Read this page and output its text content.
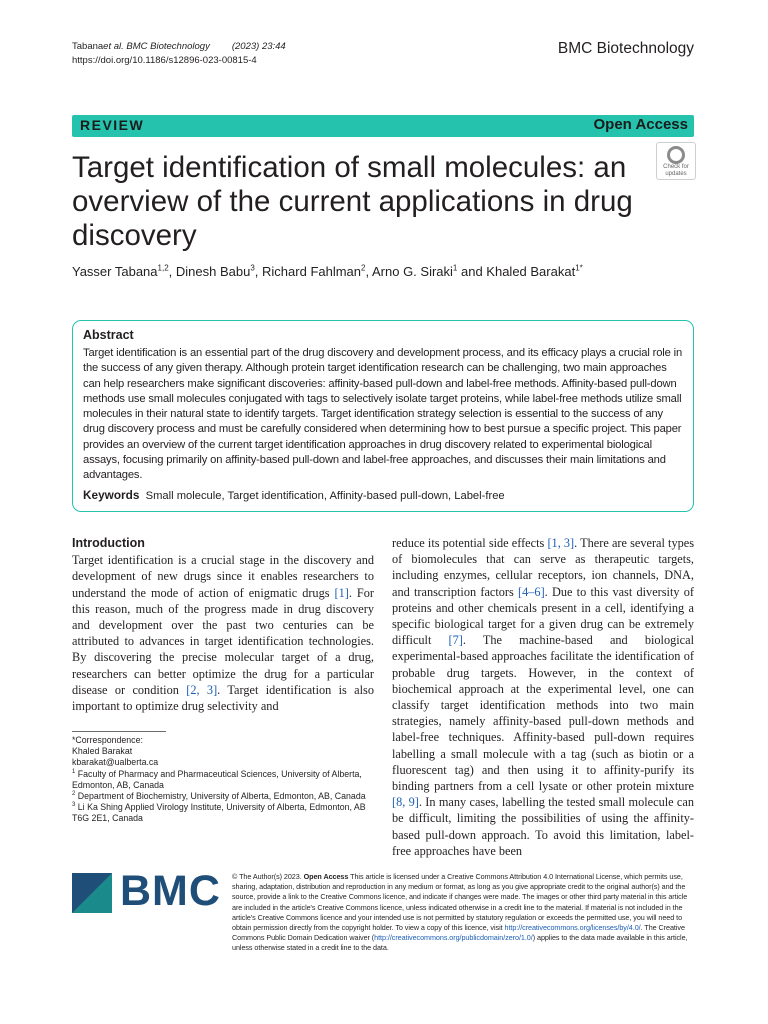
Tabanaet al. BMC Biotechnology (2023) 23:44
https://doi.org/10.1186/s12896-023-00815-4
BMC Biotechnology
REVIEW	Open Access
Target identification of small molecules: an overview of the current applications in drug discovery
Check for
updates
Yasser Tabana$^{1,2}$, Dinesh Babu$^3$, Richard Fahlman$^2$, Arno G. Siraki$^1$ and Khaled Barakat$^{1*}$
Abstract
Target identification is an essential part of the drug discovery and development process, and its efficacy plays a crucial role in the success of any given therapy. Although protein target identification research can be challenging, two main approaches can help researchers make significant discoveries: affinity-based pull-down and label-free methods. Affinity-based pull-down methods use small molecules conjugated with tags to selectively isolate target proteins, while label-free methods utilize small molecules in their natural state to identify targets. Target identification strategy selection is essential to the success of any drug discovery process and must be carefully considered when determining how to best pursue a specific project. This paper provides an overview of the current target identification approaches in drug discovery related to experimental biological assays, focusing primarily on affinity-based pull-down and label-free approaches, and discusses their main limitations and advantages.
Keywords Small molecule, Target identification, Affinity-based pull-down, Label-free
Introduction

Target identification is a crucial stage in the discovery and development of new drugs since it enables researchers to understand the mode of action of enigmatic drugs [1]. For this reason, much of the progress made in drug discovery and development over the past two centuries can be attributed to advances in target identification technologies. By discovering the precise molecular target of a drug, researchers can better optimize the drug for a particular disease or condition [2, 3]. Target identification is also important to optimize drug selectivity and

reduce its potential side effects [1, 3]. There are several types of biomolecules that can serve as therapeutic targets, including enzymes, cellular receptors, ion channels, DNA, and transcription factors [4–6]. Due to this vast diversity of proteins and other chemicals present in a cell, identifying a specific biological target for a given drug can be extremely difficult [7]. The machine-based and biological experimental-based approaches facilitate the identification of probable drug targets. However, in the context of biochemical approach at the experimental level, one can classify target identification methods into two main strategies, namely affinity-based pull-down methods and label-free techniques. Affinity-based pull-down requires labelling a small molecule with a tag (such as biotin or a fluorescent tag) and then using it to affinity-purify its binding partners from a cell lysate or other protein mixture [8, 9]. In many cases, labelling the tested small molecule can be difficult, limiting the possibilities of using the affinity-based pull-down approach. To avoid this limitation, label-free approaches have been

*Correspondence:
Khaled Barakat
kbarakat@ualberta.ca
$^1$ Faculty of Pharmacy and Pharmaceutical Sciences, University of Alberta, Edmonton, AB, Canada
$^2$ Department of Biochemistry, University of Alberta, Edmonton, AB, Canada
$^3$ Li Ka Shing Applied Virology Institute, University of Alberta, Edmonton, AB T6G 2E1, Canada
BMC © The Author(s) 2023. Open Access This article is licensed under a Creative Commons Attribution 4.0 International License, which permits use, sharing, adaptation, distribution and reproduction in any medium or format, as long as you give appropriate credit to the original author(s) and the source, provide a link to the Creative Commons licence, and indicate if changes were made. The images or other third party material in this article are included in the article's Creative Commons licence, unless indicated otherwise in a credit line to the material. If material is not included in the article's Creative Commons licence and your intended use is not permitted by statutory regulation or exceeds the permitted use, you will need to obtain permission directly from the copyright holder. To view a copy of this licence, visit http://creativecommons.org/licenses/by/4.0/. The Creative Commons Public Domain Dedication waiver (http://creativecommons.org/publicdomain/zero/1.0/) applies to the data made available in this article, unless otherwise stated in a credit line to the data.
